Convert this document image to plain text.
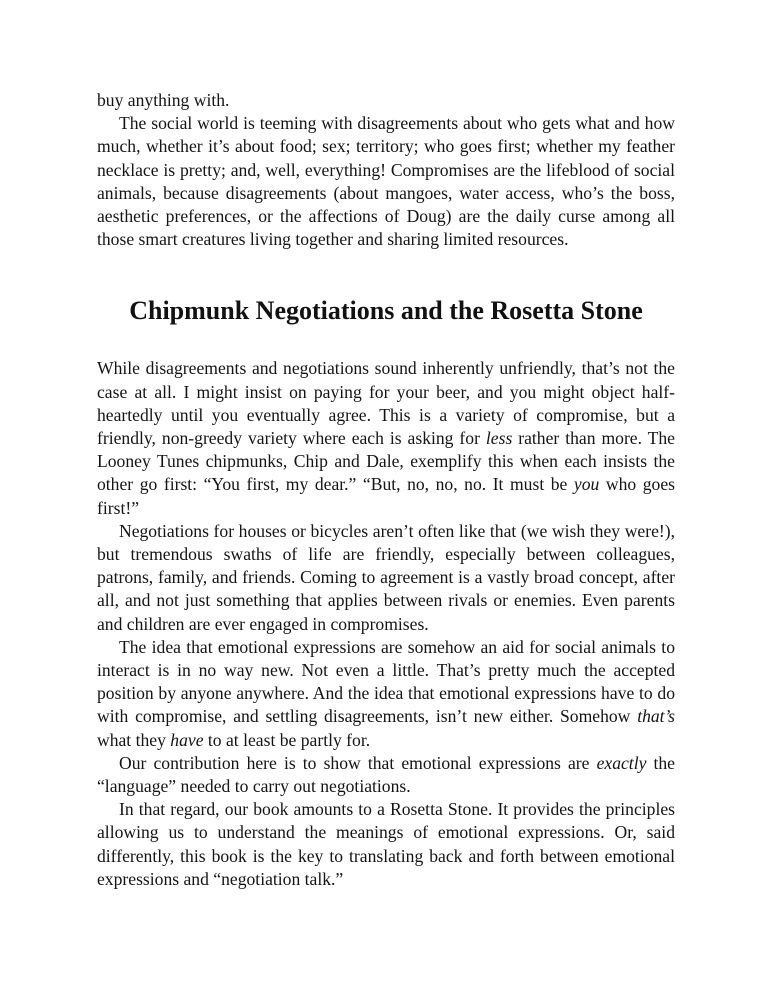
buy anything with.

The social world is teeming with disagreements about who gets what and how much, whether it’s about food; sex; territory; who goes first; whether my feather necklace is pretty; and, well, everything! Compromises are the lifeblood of social animals, because disagreements (about mangoes, water access, who’s the boss, aesthetic preferences, or the affections of Doug) are the daily curse among all those smart creatures living together and sharing limited resources.

Chipmunk Negotiations and the Rosetta Stone

While disagreements and negotiations sound inherently unfriendly, that’s not the case at all. I might insist on paying for your beer, and you might object half-heartedly until you eventually agree. This is a variety of compromise, but a friendly, non-greedy variety where each is asking for less rather than more. The Looney Tunes chipmunks, Chip and Dale, exemplify this when each insists the other go first: “You first, my dear.” “But, no, no, no. It must be you who goes first!”

Negotiations for houses or bicycles aren’t often like that (we wish they were!), but tremendous swaths of life are friendly, especially between colleagues, patrons, family, and friends. Coming to agreement is a vastly broad concept, after all, and not just something that applies between rivals or enemies. Even parents and children are ever engaged in compromises.

The idea that emotional expressions are somehow an aid for social animals to interact is in no way new. Not even a little. That’s pretty much the accepted position by anyone anywhere. And the idea that emotional expressions have to do with compromise, and settling disagreements, isn’t new either. Somehow that’s what they have to at least be partly for.

Our contribution here is to show that emotional expressions are exactly the “language” needed to carry out negotiations.

In that regard, our book amounts to a Rosetta Stone. It provides the principles allowing us to understand the meanings of emotional expressions. Or, said differently, this book is the key to translating back and forth between emotional expressions and “negotiation talk.”
